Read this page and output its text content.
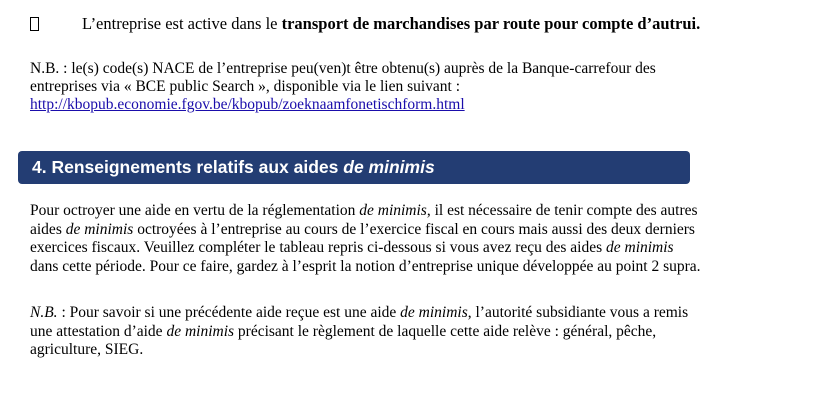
L’entreprise est active dans le transport de marchandises par route pour compte d’autrui.
N.B. : le(s) code(s) NACE de l’entreprise peu(ven)t être obtenu(s) auprès de la Banque-carrefour des
entreprises via « BCE public Search », disponible via le lien suivant :
http://kbopub.economie.fgov.be/kbopub/zoeknaamfonetischform.html
4. Renseignements relatifs aux aides
de minimis
Pour octroyer une aide en vertu de la réglementation de minimis, il est nécessaire de tenir compte des autres
aides de minimis octroyées à l’entreprise au cours de l’exercice fiscal en cours mais aussi des deux derniers
exercices fiscaux. Veuillez compléter le tableau repris ci-dessous si vous avez reçu des aides de minimis
dans cette période. Pour ce faire, gardez à l’esprit la notion d’entreprise unique développée au point 2 supra.
N.B. : Pour savoir si une précédente aide reçue est une aide de minimis, l’autorité subsidiante vous a remis
une attestation d’aide de minimis précisant le règlement de laquelle cette aide relève : général, pêche,
agriculture, SIEG.
